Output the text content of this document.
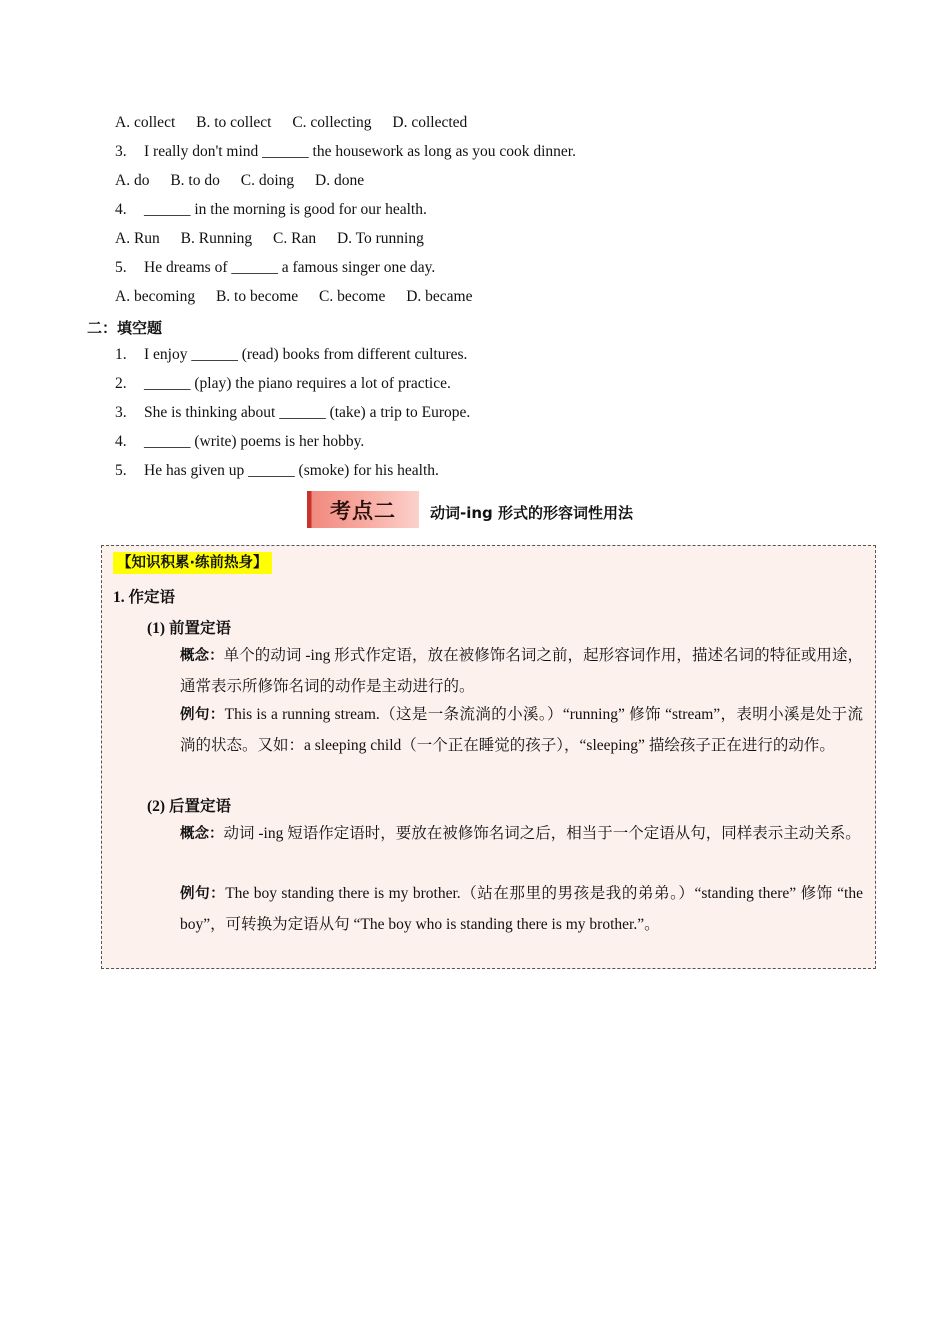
A. collect B. to collect C. collecting D. collected
3. I really don't mind ______ the housework as long as you cook dinner.
A. do B. to do C. doing D. done
4. ______ in the morning is good for our health.
A. Run B. Running C. Ran D. To running
5. He dreams of ______ a famous singer one day.
A. becoming B. to become C. become D. became
二：填空题
1. I enjoy ______ (read) books from different cultures.
2. ______ (play) the piano requires a lot of practice.
3. She is thinking about ______ (take) a trip to Europe.
4. ______ (write) poems is her hobby.
5. He has given up ______ (smoke) for his health.
考点二	动词-ing 形式的形容词性用法
【知识积累·练前热身】
1. 作定语
(1) 前置定语
概念：单个的动词 -ing 形式作定语，放在被修饰名词之前，起形容词作用，描述名词的特征或用途，通常表示所修饰名词的动作是主动进行的。
例句：This is a running stream.（这是一条流淌的小溪。）“running” 修饰 “stream”，表明小溪是处于流淌的状态。又如：a sleeping child（一个正在睡觉的孩子），“sleeping” 描绘孩子正在进行的动作。
(2) 后置定语
概念：动词 -ing 短语作定语时，要放在被修饰名词之后，相当于一个定语从句，同样表示主动关系。
例句：The boy standing there is my brother.（站在那里的男孩是我的弟弟。）“standing there” 修饰 “the boy”，可转换为定语从句 “The boy who is standing there is my brother.”。
